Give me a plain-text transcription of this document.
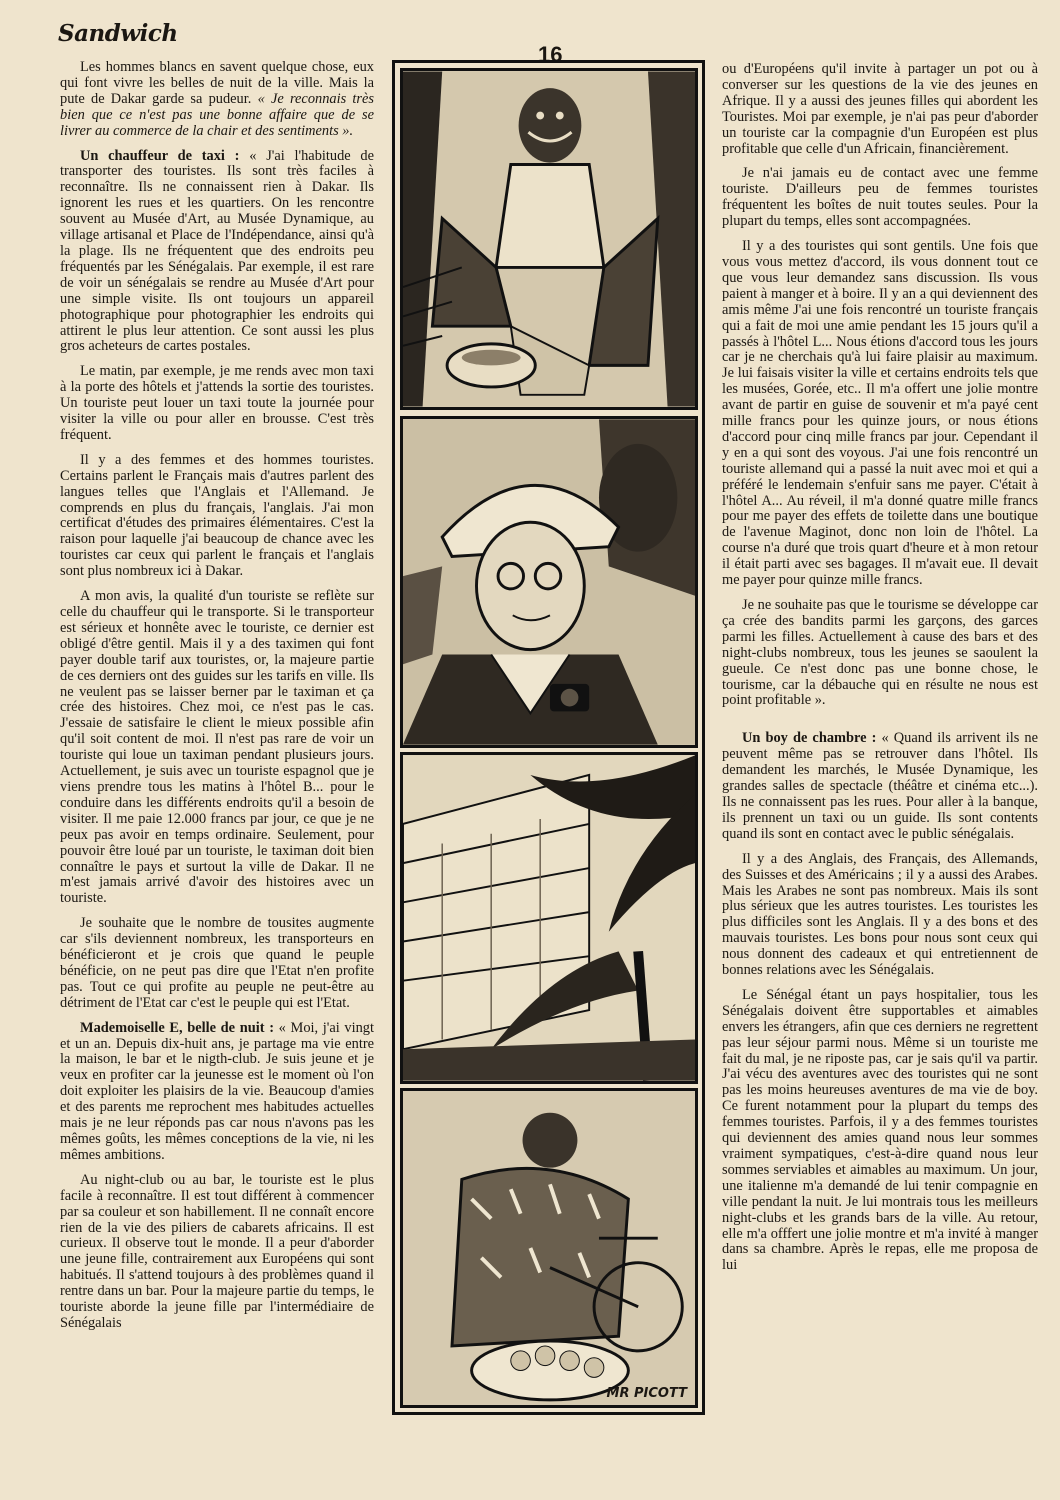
Sandwich
16

Les hommes blancs en savent quelque chose, eux qui font vivre les belles de nuit de la ville. Mais la pute de Dakar garde sa pudeur. « Je reconnais très bien que ce n'est pas une bonne affaire que de se livrer au commerce de la chair et des sentiments ».

Un chauffeur de taxi : « J'ai l'habitude de transporter des touristes. Ils sont très faciles à reconnaître. Ils ne connaissent rien à Dakar. Ils ignorent les rues et les quartiers. On les rencontre souvent au Musée d'Art, au Musée Dynamique, au village artisanal et Place de l'Indépendance, ainsi qu'à la plage. Ils ne fréquentent que des endroits peu fréquentés par les Sénégalais. Par exemple, il est rare de voir un sénégalais se rendre au Musée d'Art pour une simple visite. Ils ont toujours un appareil photographique pour photographier les endroits qui attirent le plus leur attention. Ce sont aussi les plus gros acheteurs de cartes postales.

Le matin, par exemple, je me rends avec mon taxi à la porte des hôtels et j'attends la sortie des touristes. Un touriste peut louer un taxi toute la journée pour visiter la ville ou pour aller en brousse. C'est très fréquent.

Il y a des femmes et des hommes touristes. Certains parlent le Français mais d'autres parlent des langues telles que l'Anglais et l'Allemand. Je comprends en plus du français, l'anglais. J'ai mon certificat d'études des primaires élémentaires. C'est la raison pour laquelle j'ai beaucoup de chance avec les touristes car ceux qui parlent le français et l'anglais sont plus nombreux ici à Dakar.

A mon avis, la qualité d'un touriste se reflète sur celle du chauffeur qui le transporte. Si le transporteur est sérieux et honnête avec le touriste, ce dernier est obligé d'être gentil. Mais il y a des taximen qui font payer double tarif aux touristes, or, la majeure partie de ces derniers ont des guides sur les tarifs en ville. Ils ne veulent pas se laisser berner par le taximan et ça crée des histoires. Chez moi, ce n'est pas le cas. J'essaie de satisfaire le client le mieux possible afin qu'il soit content de moi. Il n'est pas rare de voir un touriste qui loue un taximan pendant plusieurs jours. Actuellement, je suis avec un touriste espagnol que je viens prendre tous les matins à l'hôtel B... pour le conduire dans les différents endroits qu'il a besoin de visiter. Il me paie 12.000 francs par jour, ce que je ne peux pas avoir en temps ordinaire. Seulement, pour pouvoir être loué par un touriste, le taximan doit bien connaître le pays et surtout la ville de Dakar. Il ne m'est jamais arrivé d'avoir des histoires avec un touriste.

Je souhaite que le nombre de tousites augmente car s'ils deviennent nombreux, les transporteurs en bénéficieront et je crois que quand le peuple bénéficie, on ne peut pas dire que l'Etat n'en profite pas. Tout ce qui profite au peuple ne peut-être au détriment de l'Etat car c'est le peuple qui est l'Etat.

Mademoiselle E, belle de nuit : « Moi, j'ai vingt et un an. Depuis dix-huit ans, je partage ma vie entre la maison, le bar et le nigth-club. Je suis jeune et je veux en profiter car la jeunesse est le moment où l'on doit exploiter les plaisirs de la vie. Beaucoup d'amies et des parents me reprochent mes habitudes actuelles mais je ne leur réponds pas car nous n'avons pas les mêmes goûts, les mêmes conceptions de la vie, ni les mêmes ambitions.

Au night-club ou au bar, le touriste est le plus facile à reconnaître. Il est tout différent à commencer par sa couleur et son habillement. Il ne connaît encore rien de la vie des piliers de cabarets africains. Il est curieux. Il observe tout le monde. Il a peur d'aborder une jeune fille, contrairement aux Européens qui sont habitués. Il s'attend toujours à des problèmes quand il rentre dans un bar. Pour la majeure partie du temps, le touriste aborde la jeune fille par l'intermédiaire de Sénégalais

MR PICOTT

ou d'Européens qu'il invite à partager un pot ou à converser sur les questions de la vie des jeunes en Afrique. Il y a aussi des jeunes filles qui abordent les Touristes. Moi par exemple, je n'ai pas peur d'aborder un touriste car la compagnie d'un Européen est plus profitable que celle d'un Africain, financièrement.

Je n'ai jamais eu de contact avec une femme touriste. D'ailleurs peu de femmes touristes fréquentent les boîtes de nuit toutes seules. Pour la plupart du temps, elles sont accompagnées.

Il y a des touristes qui sont gentils. Une fois que vous vous mettez d'accord, ils vous donnent tout ce que vous leur demandez sans discussion. Ils vous paient à manger et à boire. Il y an a qui deviennent des amis même J'ai une fois rencontré un touriste français qui a fait de moi une amie pendant les 15 jours qu'il a passés à l'hôtel L... Nous étions d'accord tous les jours car je ne cherchais qu'à lui faire plaisir au maximum. Je lui faisais visiter la ville et certains endroits tels que les musées, Gorée, etc.. Il m'a offert une jolie montre avant de partir en guise de souvenir et m'a payé cent mille francs pour les quinze jours, or nous étions d'accord pour cinq mille francs par jour. Cependant il y en a qui sont des voyous. J'ai une fois rencontré un touriste allemand qui a passé la nuit avec moi et qui a préféré le lendemain s'enfuir sans me payer. C'était à l'hôtel A... Au réveil, il m'a donné quatre mille francs pour me payer des effets de toilette dans une boutique de l'avenue Maginot, donc non loin de l'hôtel. La course n'a duré que trois quart d'heure et à mon retour il était parti avec ses bagages. Il m'avait eue. Il devait me payer pour quinze mille francs.

Je ne souhaite pas que le tourisme se développe car ça crée des bandits parmi les garçons, des garces parmi les filles. Actuellement à cause des bars et des night-clubs nombreux, tous les jeunes se saoulent la gueule. Ce n'est donc pas une bonne chose, le tourisme, car la débauche qui en résulte ne nous est point profitable ».

Un boy de chambre : « Quand ils arrivent ils ne peuvent même pas se retrouver dans l'hôtel. Ils demandent les marchés, le Musée Dynamique, les grandes salles de spectacle (théâtre et cinéma etc...). Ils ne connaissent pas les rues. Pour aller à la banque, ils prennent un taxi ou un guide. Ils sont contents quand ils sont en contact avec le public sénégalais.

Il y a des Anglais, des Français, des Allemands, des Suisses et des Américains ; il y a aussi des Arabes. Mais les Arabes ne sont pas nombreux. Mais ils sont plus sérieux que les autres touristes. Les touristes les plus difficiles sont les Anglais. Il y a des bons et des mauvais touristes. Les bons pour nous sont ceux qui nous donnent des cadeaux et qui entretiennent de bonnes relations avec les Sénégalais.

Le Sénégal étant un pays hospitalier, tous les Sénégalais doivent être supportables et aimables envers les étrangers, afin que ces derniers ne regrettent pas leur séjour parmi nous. Même si un touriste me fait du mal, je ne riposte pas, car je sais qu'il va partir. J'ai vécu des aventures avec des touristes qui ne sont pas les moins heureuses aventures de ma vie de boy. Ce furent notamment pour la plupart du temps des femmes touristes. Parfois, il y a des femmes touristes qui deviennent des amies quand nous leur sommes vraiment sympatiques, c'est-à-dire quand nous leur sommes serviables et aimables au maximum. Un jour, une italienne m'a demandé de lui tenir compagnie en ville pendant la nuit. Je lui montrais tous les meilleurs night-clubs et les grands bars de la ville. Au retour, elle m'a offfert une jolie montre et m'a invité à manger dans sa chambre. Après le repas, elle me proposa de lui
